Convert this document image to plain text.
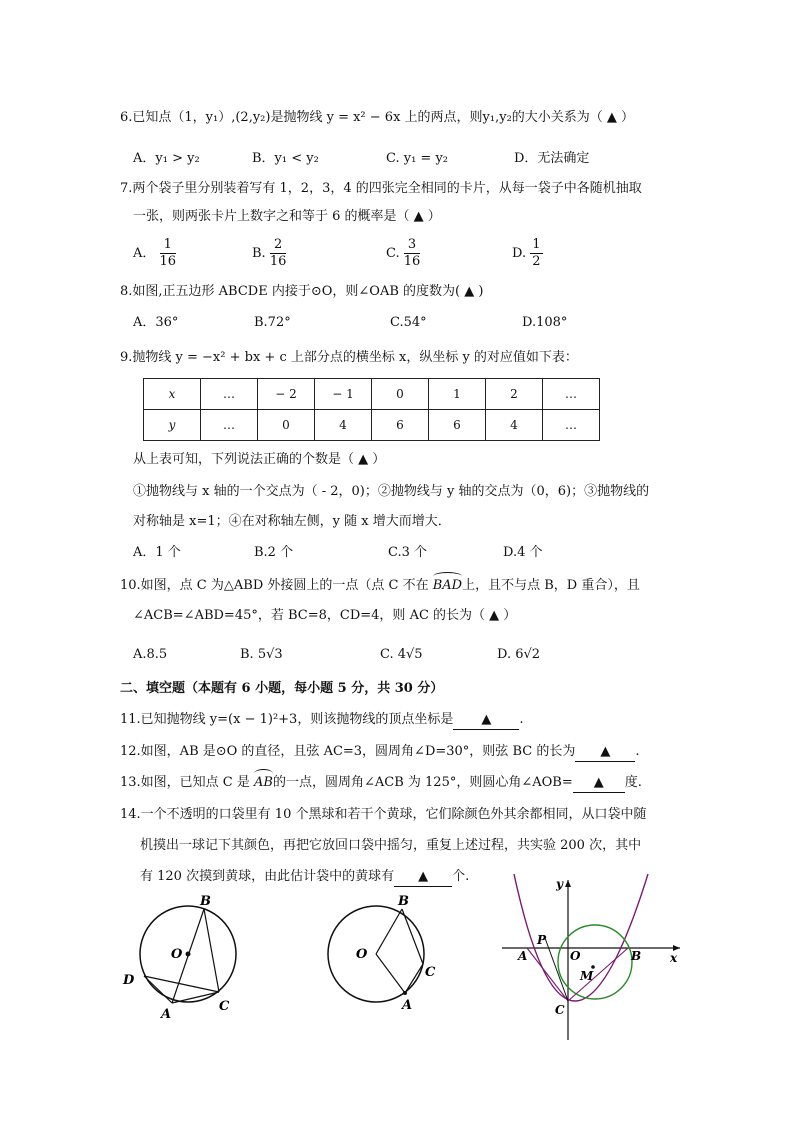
6.已知点（1，y₁）,(2,y₂)是抛物线 y = x² − 6x 上的两点，则y₁,y₂的大小关系为（ ▲ ）
A．y₁ > y₂	B．y₁ < y₂	C. y₁ = y₂	D．无法确定
7.两个袋子里分别装着写有 1，2，3，4 的四张完全相同的卡片，从每一袋子中各随机抽取
一张，则两张卡片上数字之和等于 6 的概率是（ ▲ ）
A． $\frac{1}{16}$	B. $\frac{2}{16}$	C. $\frac{3}{16}$	D. $\frac{1}{2}$
8.如图,正五边形 ABCDE 内接于⊙O，则∠OAB 的度数为( ▲ )
A．36°	B.72°	C.54°	D.108°
9.抛物线 y = −x² + bx + c 上部分点的横坐标 x，纵坐标 y 的对应值如下表：
x	…	− 2	− 1	0	1	2	…
y	…	0	4	6	6	4	…
从上表可知，下列说法正确的个数是（ ▲ ）
①抛物线与 x 轴的一个交点为（ - 2，0)；②抛物线与 y 轴的交点为（0，6)；③抛物线的
对称轴是 x=1；④在对称轴左侧，y 随 x 增大而增大．
A．1 个	B.2 个	C.3 个	D.4 个
10.如图，点 C 为△ABD 外接圆上的一点（点 C 不在 BAD上，且不与点 B，D 重合），且
∠ACB=∠ABD=45°，若 BC=8，CD=4，则 AC 的长为（ ▲ ）
A.8.5	B. 5√3	C. 4√5	D. 6√2
二、填空题（本题有 6 小题，每小题 5 分，共 30 分）
11.已知抛物线 y=(x − 1)²+3，则该抛物线的顶点坐标是 ▲ .
12.如图，AB 是⊙O 的直径，且弦 AC=3，圆周角∠D=30°，则弦 BC 的长为 ▲ .
13.如图，已知点 C 是 AB的一点，圆周角∠ACB 为 125°，则圆心角∠AOB= ▲ 度.
14.一个不透明的口袋里有 10 个黑球和若干个黄球，它们除颜色外其余都相同，从口袋中随
机摸出一球记下其颜色，再把它放回口袋中摇匀，重复上述过程，共实验 200 次，其中
有 120 次摸到黄球，由此估计袋中的黄球有 ▲ 个.
B
O
D
A
C
B
O
C
A
y
P
A	O
M
B x
C
